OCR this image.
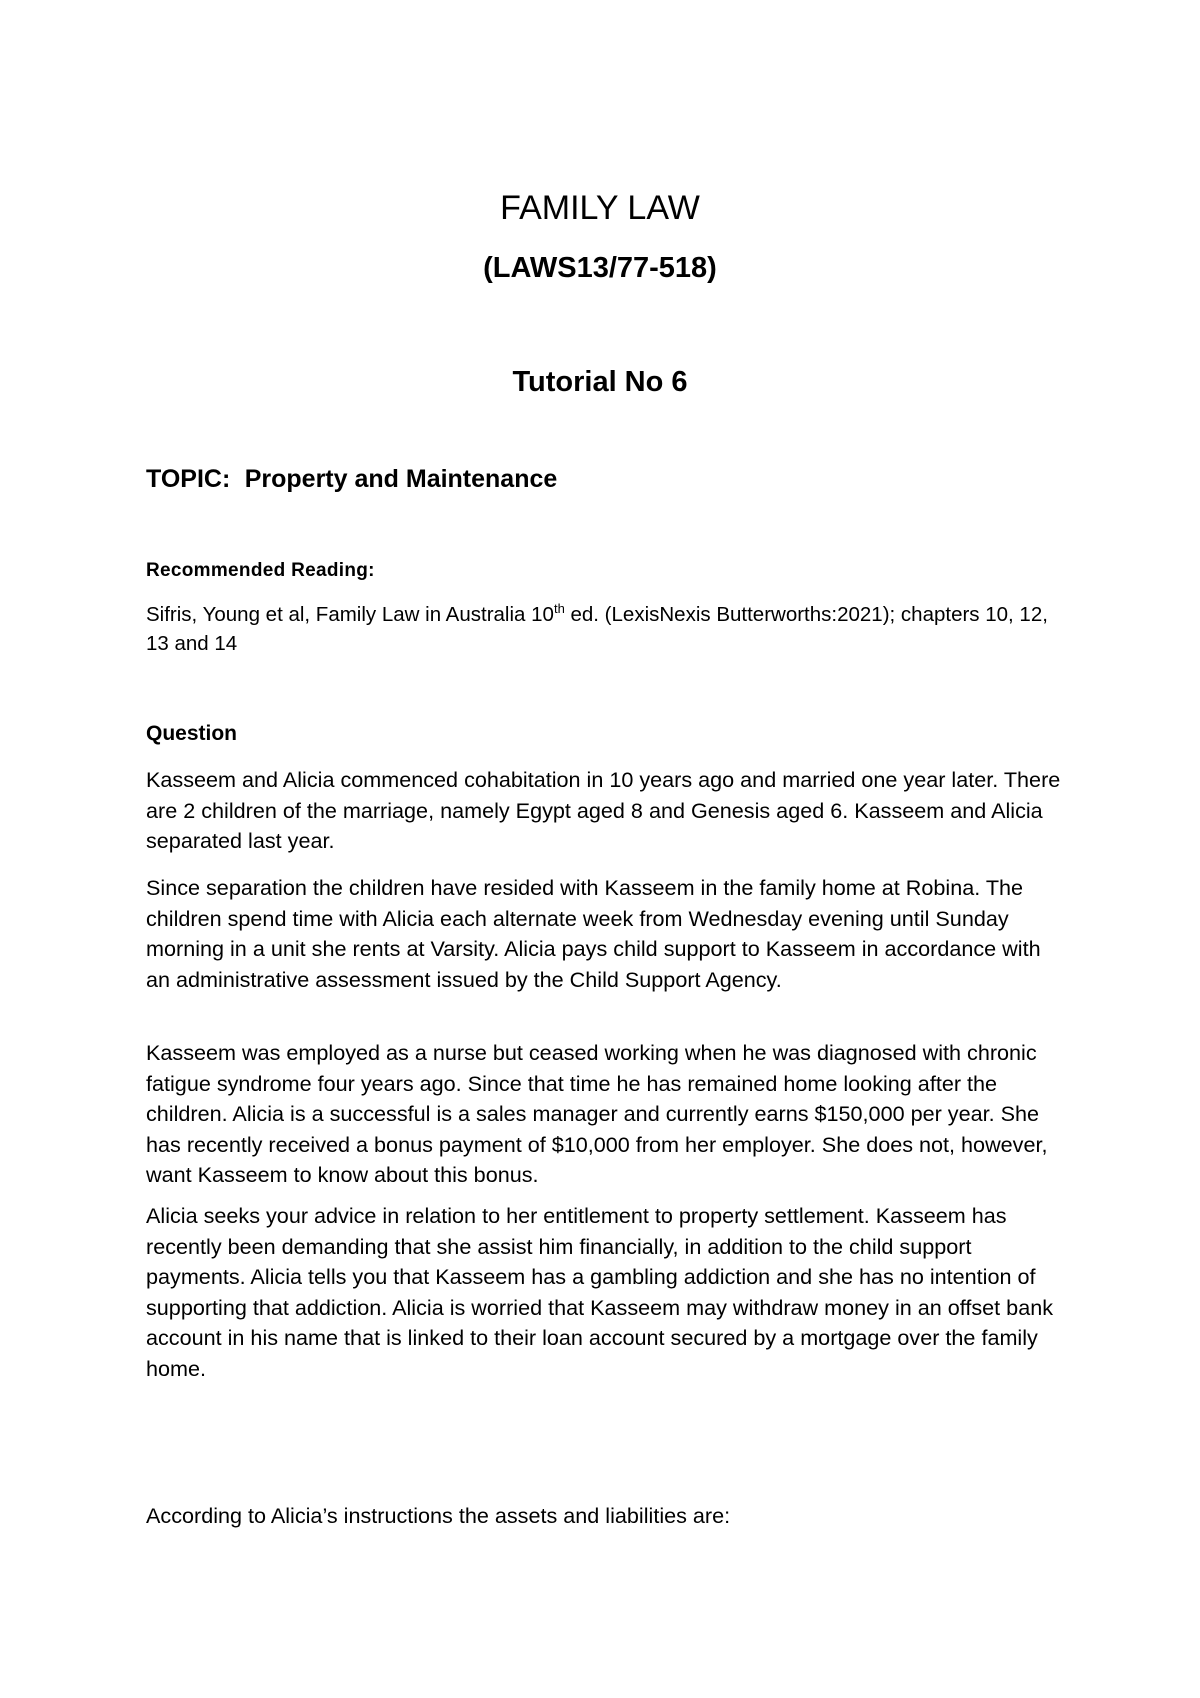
FAMILY LAW
(LAWS13/77-518)
Tutorial No 6
TOPIC: Property and Maintenance
Recommended Reading:
Sifris, Young et al, Family Law in Australia 10th ed. (LexisNexis Butterworths:2021); chapters 10, 12, 13 and 14
Question
Kasseem and Alicia commenced cohabitation in 10 years ago and married one year later. There are 2 children of the marriage, namely Egypt aged 8 and Genesis aged 6. Kasseem and Alicia separated last year.
Since separation the children have resided with Kasseem in the family home at Robina. The children spend time with Alicia each alternate week from Wednesday evening until Sunday morning in a unit she rents at Varsity. Alicia pays child support to Kasseem in accordance with an administrative assessment issued by the Child Support Agency.
Kasseem was employed as a nurse but ceased working when he was diagnosed with chronic fatigue syndrome four years ago. Since that time he has remained home looking after the children. Alicia is a successful is a sales manager and currently earns $150,000 per year. She has recently received a bonus payment of $10,000 from her employer. She does not, however, want Kasseem to know about this bonus.
Alicia seeks your advice in relation to her entitlement to property settlement. Kasseem has recently been demanding that she assist him financially, in addition to the child support payments. Alicia tells you that Kasseem has a gambling addiction and she has no intention of supporting that addiction. Alicia is worried that Kasseem may withdraw money in an offset bank account in his name that is linked to their loan account secured by a mortgage over the family home.
According to Alicia’s instructions the assets and liabilities are:
